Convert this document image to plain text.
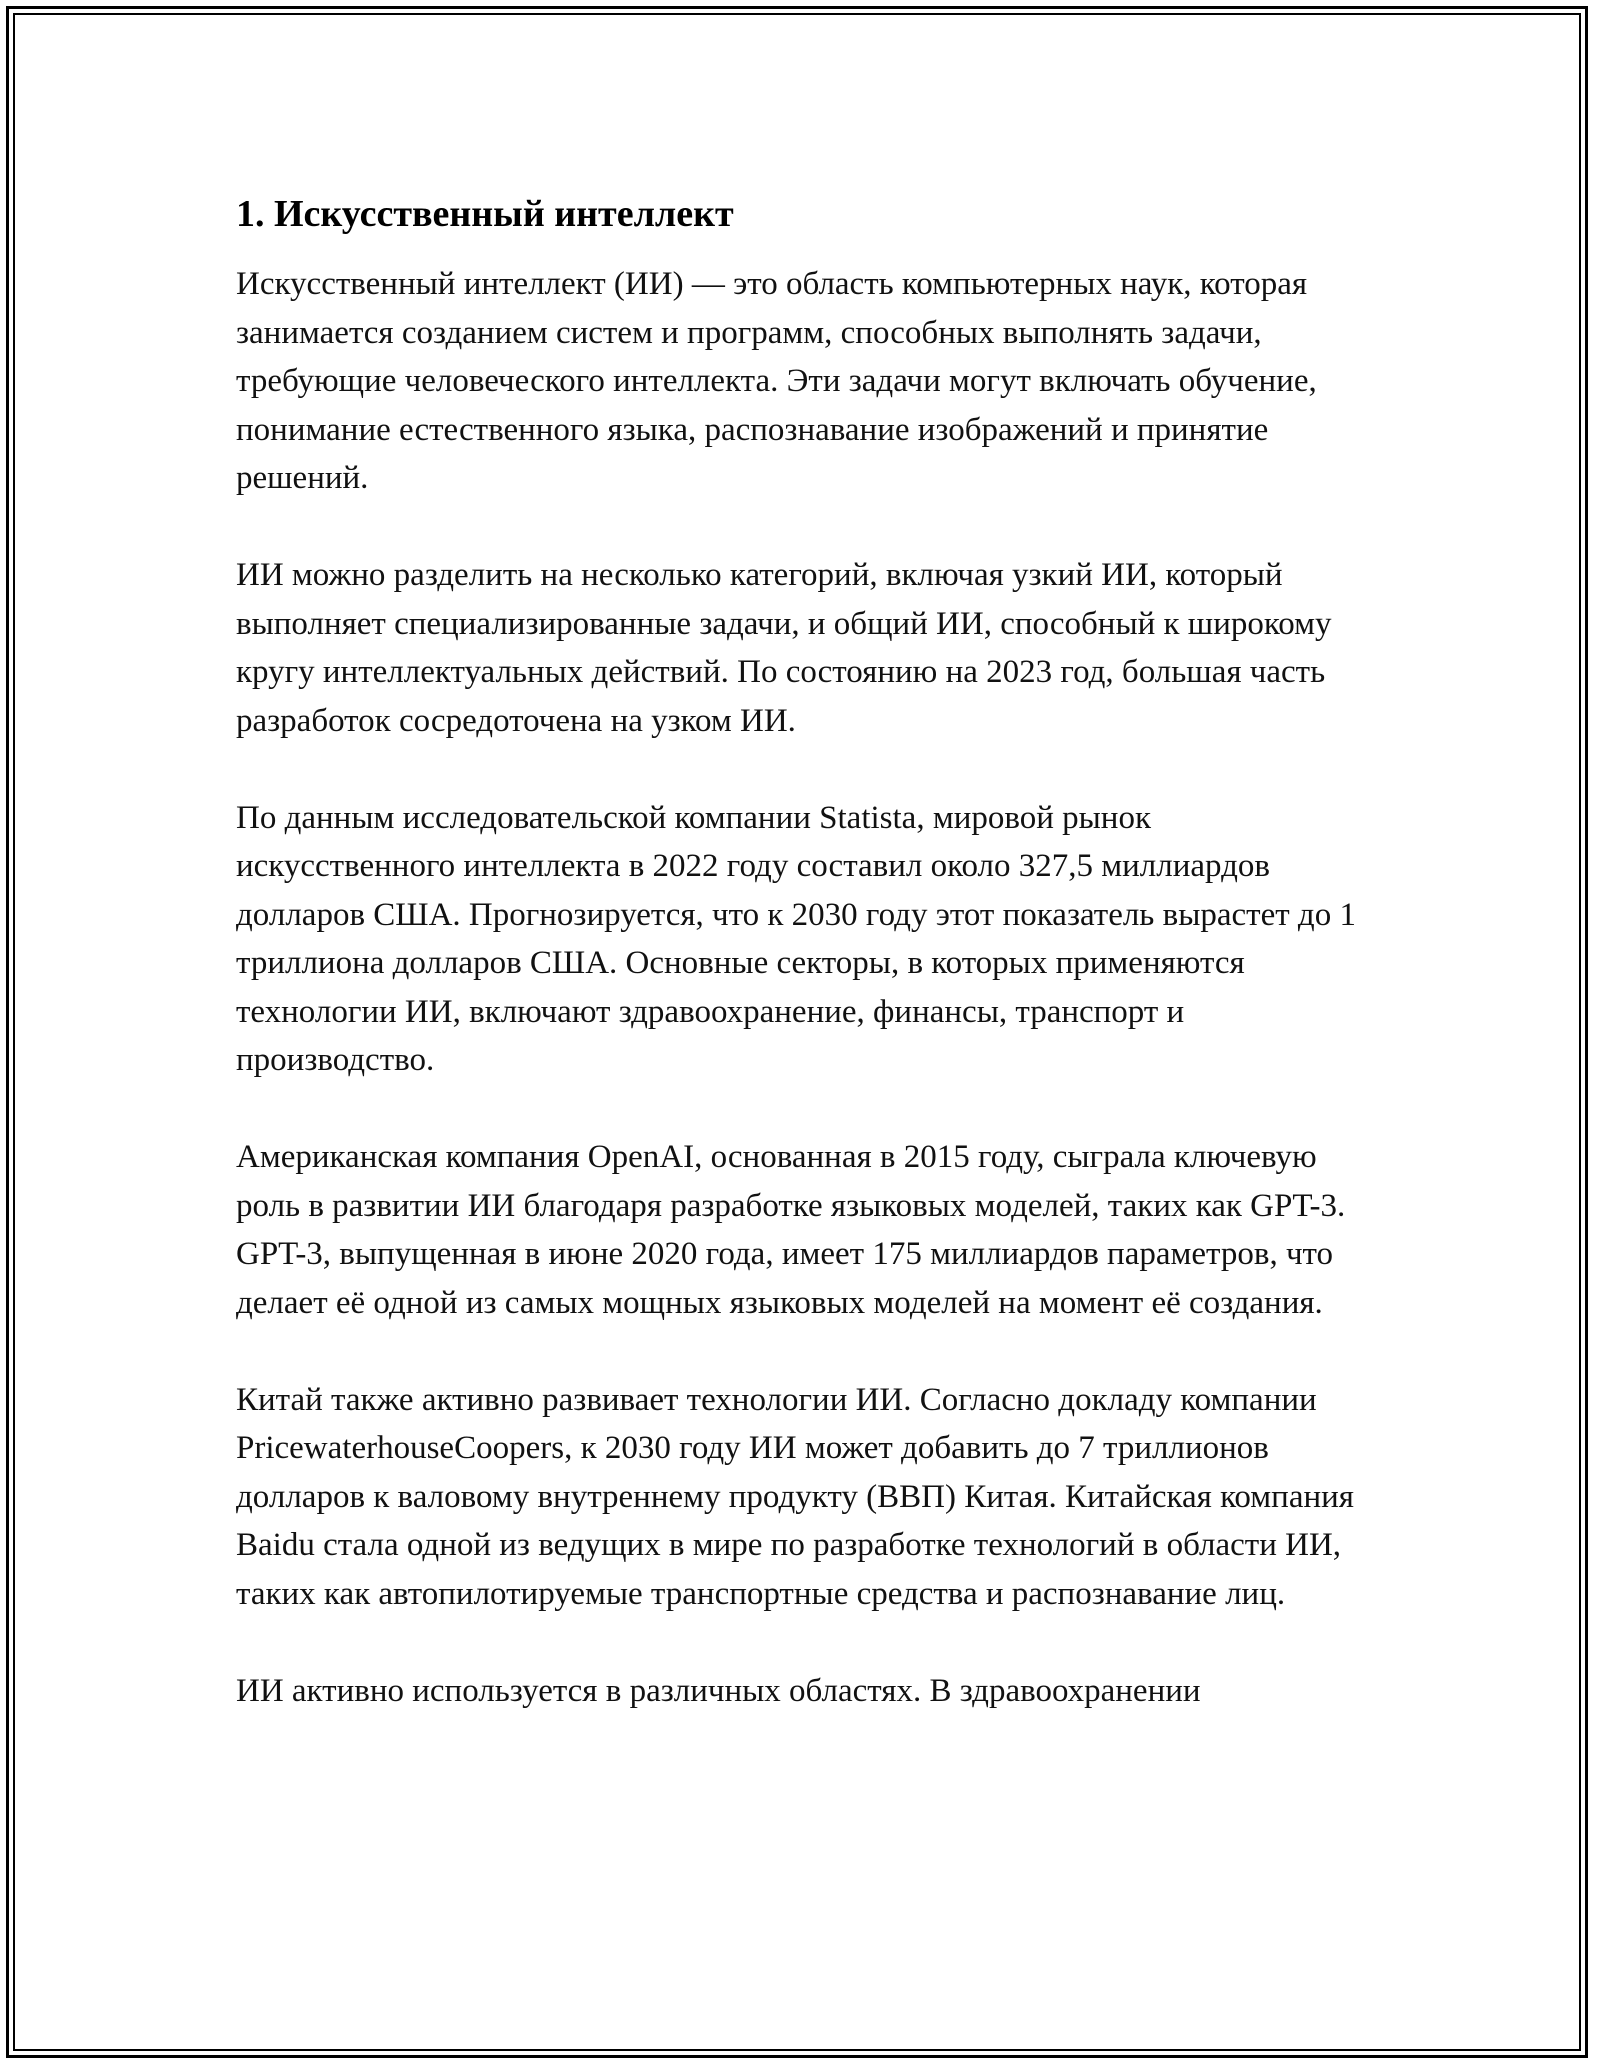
1. Искусственный интеллект

Искусственный интеллект (ИИ) — это область компьютерных наук, которая занимается созданием систем и программ, способных выполнять задачи, требующие человеческого интеллекта. Эти задачи могут включать обучение, понимание естественного языка, распознавание изображений и принятие решений.

ИИ можно разделить на несколько категорий, включая узкий ИИ, который выполняет специализированные задачи, и общий ИИ, способный к широкому кругу интеллектуальных действий. По состоянию на 2023 год, большая часть разработок сосредоточена на узком ИИ.

По данным исследовательской компании Statista, мировой рынок искусственного интеллекта в 2022 году составил около 327,5 миллиардов долларов США. Прогнозируется, что к 2030 году этот показатель вырастет до 1 триллиона долларов США. Основные секторы, в которых применяются технологии ИИ, включают здравоохранение, финансы, транспорт и производство.

Американская компания OpenAI, основанная в 2015 году, сыграла ключевую роль в развитии ИИ благодаря разработке языковых моделей, таких как GPT-3. GPT-3, выпущенная в июне 2020 года, имеет 175 миллиардов параметров, что делает её одной из самых мощных языковых моделей на момент её создания.

Китай также активно развивает технологии ИИ. Согласно докладу компании PricewaterhouseCoopers, к 2030 году ИИ может добавить до 7 триллионов долларов к валовому внутреннему продукту (ВВП) Китая. Китайская компания Baidu стала одной из ведущих в мире по разработке технологий в области ИИ, таких как автопилотируемые транспортные средства и распознавание лиц.

ИИ активно используется в различных областях. В здравоохранении
